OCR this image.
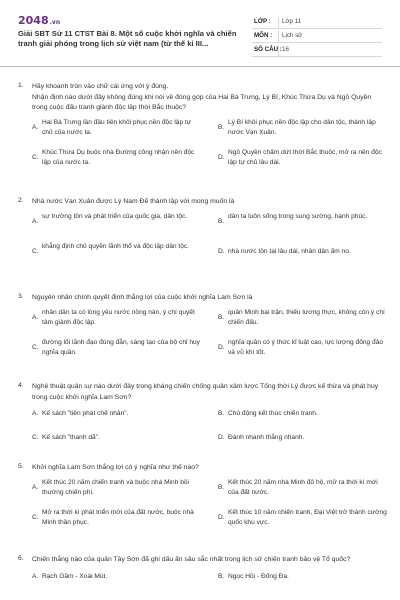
2048.vn
Giải SBT Sử 11 CTST Bài 8. Một số cuộc khởi nghĩa và chiến tranh giải phóng trong lịch sử việt nam (từ thế kỉ III...
LỚP : Lớp 11
MÔN : Lịch sử
SỐ CÂU : 16
1. Hãy khoanh tròn vào chữ cái ứng với ý đúng.
Nhận định nào dưới đây không đúng khi nói về đóng góp của Hai Bà Trưng, Lý Bí, Khúc Thừa Dụ và Ngô Quyền trong cuộc đấu tranh giành độc lập thời Bắc thuộc?
A.
Hai Bà Trưng lần đầu tiên khôi phục nền độc lập tự chủ của nước ta.
B.
Lý Bí khôi phục nền độc lập cho dân tộc, thành lập nước Vạn Xuân.
C.
Khúc Thừa Dụ buộc nhà Đường công nhận nền độc lập của nước ta.
D.
Ngô Quyền chấm dứt thời Bắc thuộc, mở ra nền độc lập tự chủ lâu dài.
2. Nhà nước Vạn Xuân được Lý Nam Đế thành lập với mong muốn là
A.
sự trường tồn và phát triển của quốc gia, dân tộc.
B.
dân ta luôn sống trong sung sướng, hạnh phúc.
C.
khẳng định chủ quyền lãnh thổ và độc lập dân tộc.
D. nhà nước tồn tại lâu dài, nhân dân ấm no.
3. Nguyên nhân chính quyết định thắng lợi của cuộc khởi nghĩa Lam Sơn là
A.
nhân dân ta có lòng yêu nước nồng nàn, ý chí quyết tâm giành độc lập.
B.
quân Minh bại trận, thiếu lương thực, không còn ý chí chiến đấu.
C.
đường lối lãnh đạo đúng đắn, sáng tạo của bộ chỉ huy nghĩa quân.
D.
nghĩa quân có ý thức kỉ luật cao, lực lượng đông đảo và vũ khí tốt.
4. Nghệ thuật quân sự nào dưới đây trong kháng chiến chống quân xâm lược Tống thời Lý được kế thừa và phát huy trong cuộc khởi nghĩa Lam Sơn?
A. Kế sách "tiên phát chế nhân".	B. Chủ động kết thúc chiến tranh.
C. Kế sách "thanh dã".	D. Đánh nhanh thắng nhanh.
5. Khởi nghĩa Lam Sơn thắng lợi có ý nghĩa như thế nào?
A.
Kết thúc 20 năm chiến tranh và buộc nhà Minh bồi thường chiến phí.
B.
Kết thúc 20 năm nhà Minh đô hộ, mở ra thời kì mới của đất nước.
C.
Mở ra thời kì phát triển mới của đất nước, buộc nhà Minh thần phục.
D.
Kết thúc 10 năm chiến tranh, Đại Việt trở thành cường quốc khu vực.
6. Chiến thắng nào của quân Tây Sơn đã ghi dấu ấn sâu sắc nhất trong lịch sử chiến tranh bảo vệ Tổ quốc?
A. Rạch Gầm - Xoài Mút.	B. Ngọc Hồi - Đống Đa.
